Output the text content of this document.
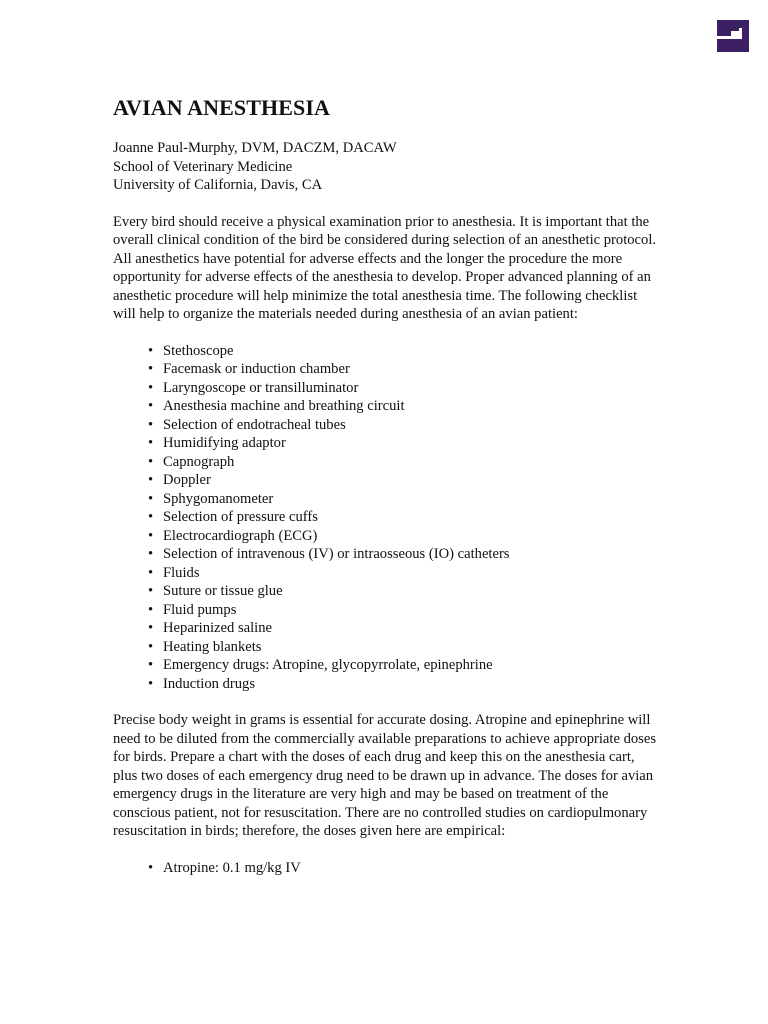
AVIAN ANESTHESIA
Joanne Paul-Murphy, DVM, DACZM, DACAW
School of Veterinary Medicine
University of California, Davis, CA

Every bird should receive a physical examination prior to anesthesia. It is important that the overall clinical condition of the bird be considered during selection of an anesthetic protocol. All anesthetics have potential for adverse effects and the longer the procedure the more opportunity for adverse effects of the anesthesia to develop. Proper advanced planning of an anesthetic procedure will help minimize the total anesthesia time. The following checklist will help to organize the materials needed during anesthesia of an avian patient:

• Stethoscope
• Facemask or induction chamber
• Laryngoscope or transilluminator
• Anesthesia machine and breathing circuit
• Selection of endotracheal tubes
• Humidifying adaptor
• Capnograph
• Doppler
• Sphygomanometer
• Selection of pressure cuffs
• Electrocardiograph (ECG)
• Selection of intravenous (IV) or intraosseous (IO) catheters
• Fluids
• Suture or tissue glue
• Fluid pumps
• Heparinized saline
• Heating blankets
• Emergency drugs: Atropine, glycopyrrolate, epinephrine
• Induction drugs

Precise body weight in grams is essential for accurate dosing. Atropine and epinephrine will need to be diluted from the commercially available preparations to achieve appropriate doses for birds. Prepare a chart with the doses of each drug and keep this on the anesthesia cart, plus two doses of each emergency drug need to be drawn up in advance. The doses for avian emergency drugs in the literature are very high and may be based on treatment of the conscious patient, not for resuscitation. There are no controlled studies on cardiopulmonary resuscitation in birds; therefore, the doses given here are empirical:

• Atropine: 0.1 mg/kg IV
